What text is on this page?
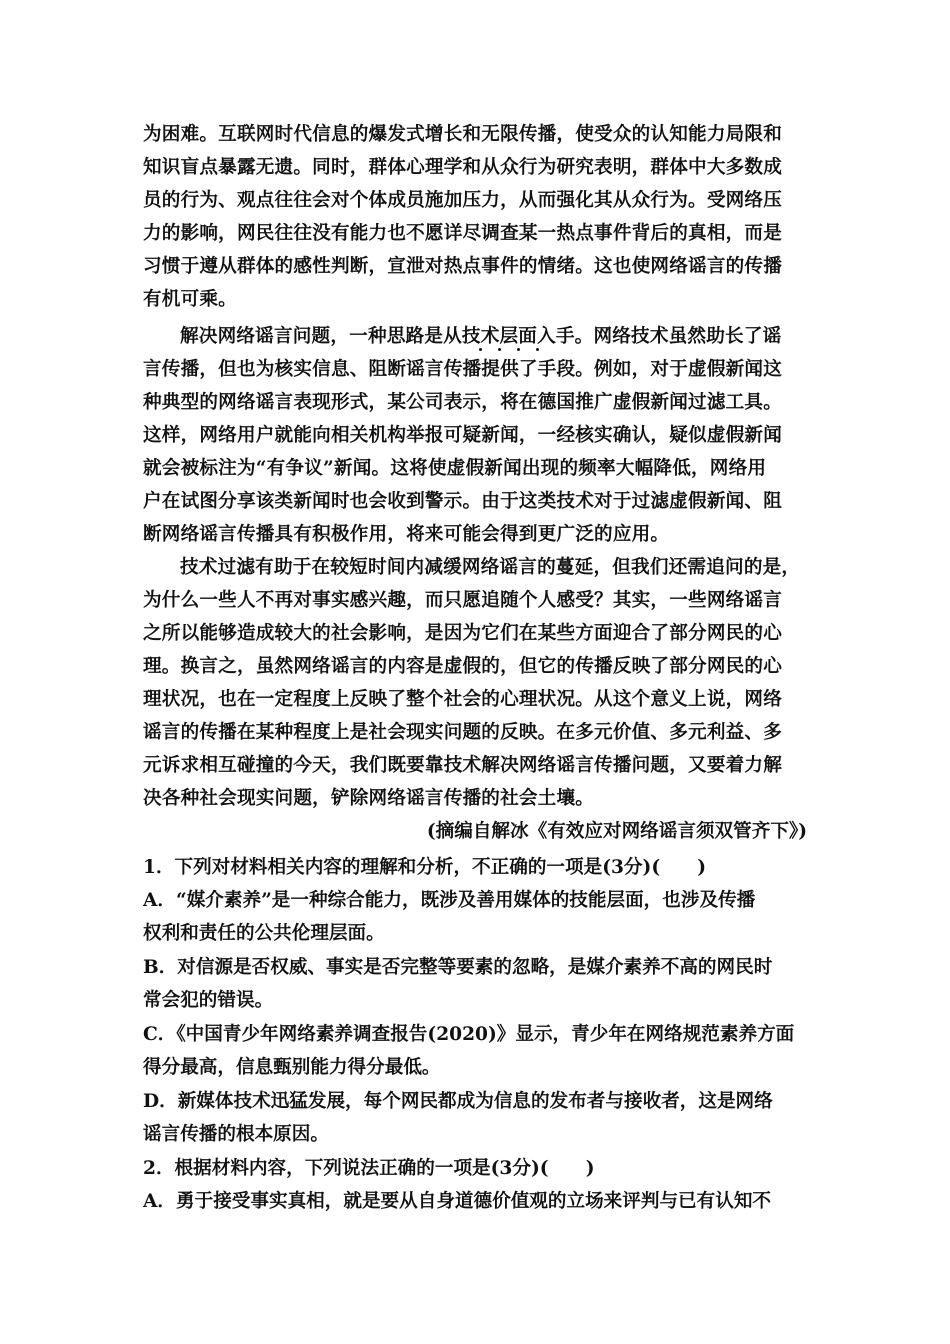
为困难。互联网时代信息的爆发式增长和无限传播，使受众的认知能力局限和
知识盲点暴露无遗。同时，群体心理学和从众行为研究表明，群体中大多数成
员的行为、观点往往会对个体成员施加压力，从而强化其从众行为。受网络压
力的影响，网民往往没有能力也不愿详尽调查某一热点事件背后的真相，而是
习惯于遵从群体的感性判断，宣泄对热点事件的情绪。这也使网络谣言的传播
有机可乘。
解决网络谣言问题，一种思路是从技术层面入手。网络技术虽然助长了谣
言传播，但也为核实信息、阻断谣言传播提供了手段。例如，对于虚假新闻这
种典型的网络谣言表现形式，某公司表示，将在德国推广虚假新闻过滤工具。
这样，网络用户就能向相关机构举报可疑新闻，一经核实确认，疑似虚假新闻
就会被标注为“有争议”新闻。这将使虚假新闻出现的频率大幅降低，网络用
户在试图分享该类新闻时也会收到警示。由于这类技术对于过滤虚假新闻、阻
断网络谣言传播具有积极作用，将来可能会得到更广泛的应用。
技术过滤有助于在较短时间内减缓网络谣言的蔓延，但我们还需追问的是，
为什么一些人不再对事实感兴趣，而只愿追随个人感受？其实，一些网络谣言
之所以能够造成较大的社会影响，是因为它们在某些方面迎合了部分网民的心
理。换言之，虽然网络谣言的内容是虚假的，但它的传播反映了部分网民的心
理状况，也在一定程度上反映了整个社会的心理状况。从这个意义上说，网络
谣言的传播在某种程度上是社会现实问题的反映。在多元价值、多元利益、多
元诉求相互碰撞的今天，我们既要靠技术解决网络谣言传播问题，又要着力解
决各种社会现实问题，铲除网络谣言传播的社会土壤。
(摘编自解冰《有效应对网络谣言须双管齐下》)
1．下列对材料相关内容的理解和分析，不正确的一项是(3分)(　　)
A．“媒介素养”是一种综合能力，既涉及善用媒体的技能层面，也涉及传播
权利和责任的公共伦理层面。
B．对信源是否权威、事实是否完整等要素的忽略，是媒介素养不高的网民时
常会犯的错误。
C．《中国青少年网络素养调查报告(2020)》显示，青少年在网络规范素养方面
得分最高，信息甄别能力得分最低。
D．新媒体技术迅猛发展，每个网民都成为信息的发布者与接收者，这是网络
谣言传播的根本原因。
2．根据材料内容，下列说法正确的一项是(3分)(　　)
A．勇于接受事实真相，就是要从自身道德价值观的立场来评判与已有认知不
